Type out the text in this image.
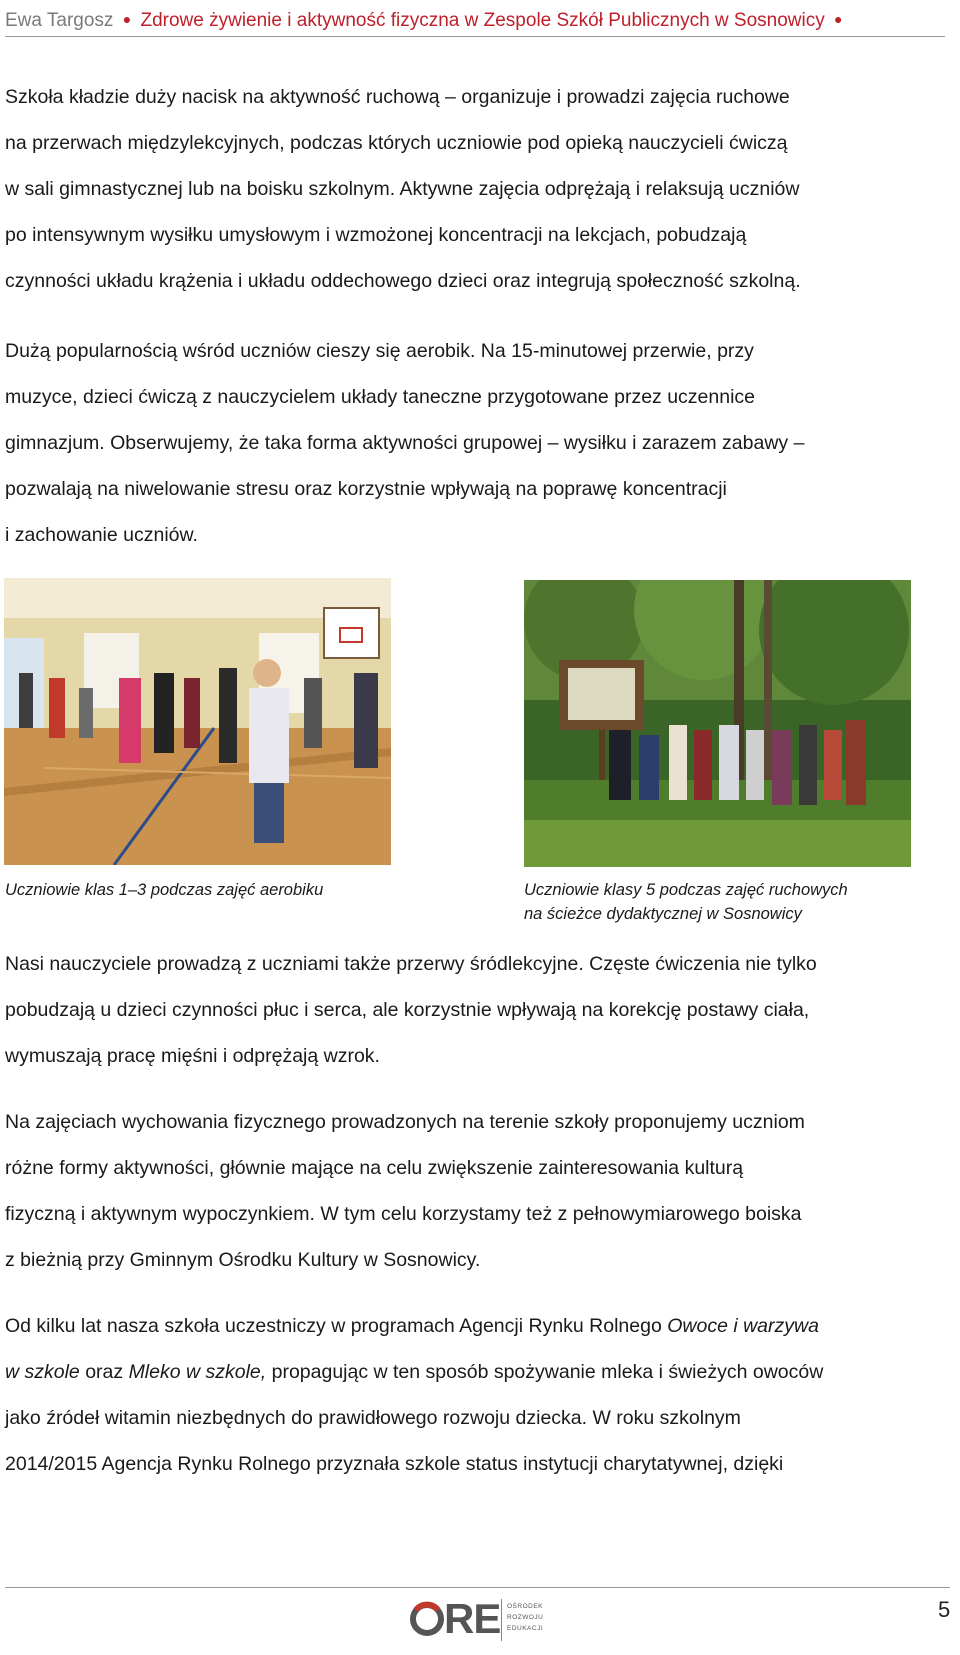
Ewa Targosz ● Zdrowe żywienie i aktywność fizyczna w Zespole Szkół Publicznych w Sosnowicy ●

Szkoła kładzie duży nacisk na aktywność ruchową – organizuje i prowadzi zajęcia ruchowe
na przerwach międzylekcyjnych, podczas których uczniowie pod opieką nauczycieli ćwiczą
w sali gimnastycznej lub na boisku szkolnym. Aktywne zajęcia odprężają i relaksują uczniów
po intensywnym wysiłku umysłowym i wzmożonej koncentracji na lekcjach, pobudzają
czynności układu krążenia i układu oddechowego dzieci oraz integrują społeczność szkolną.

Dużą popularnością wśród uczniów cieszy się aerobik. Na 15-minutowej przerwie, przy
muzyce, dzieci ćwiczą z nauczycielem układy taneczne przygotowane przez uczennice
gimnazjum. Obserwujemy, że taka forma aktywności grupowej – wysiłku i zarazem zabawy –
pozwalają na niwelowanie stresu oraz korzystnie wpływają na poprawę koncentracji
i zachowanie uczniów.

Uczniowie klas 1–3 podczas zajęć aerobiku	Uczniowie klasy 5 podczas zajęć ruchowych
na ścieżce dydaktycznej w Sosnowicy

Nasi nauczyciele prowadzą z uczniami także przerwy śródlekcyjne. Częste ćwiczenia nie tylko
pobudzają u dzieci czynności płuc i serca, ale korzystnie wpływają na korekcję postawy ciała,
wymuszają pracę mięśni i odprężają wzrok.

Na zajęciach wychowania fizycznego prowadzonych na terenie szkoły proponujemy uczniom
różne formy aktywności, głównie mające na celu zwiększenie zainteresowania kulturą
fizyczną i aktywnym wypoczynkiem. W tym celu korzystamy też z pełnowymiarowego boiska
z bieżnią przy Gminnym Ośrodku Kultury w Sosnowicy.

Od kilku lat nasza szkoła uczestniczy w programach Agencji Rynku Rolnego Owoce i warzywa
w szkole oraz Mleko w szkole, propagując w ten sposób spożywanie mleka i świeżych owoców
jako źródeł witamin niezbędnych do prawidłowego rozwoju dziecka. W roku szkolnym
2014/2015 Agencja Rynku Rolnego przyznała szkole status instytucji charytatywnej, dzięki

RE OŚRODEK
ROZWOJU
EDUKACJI
5
